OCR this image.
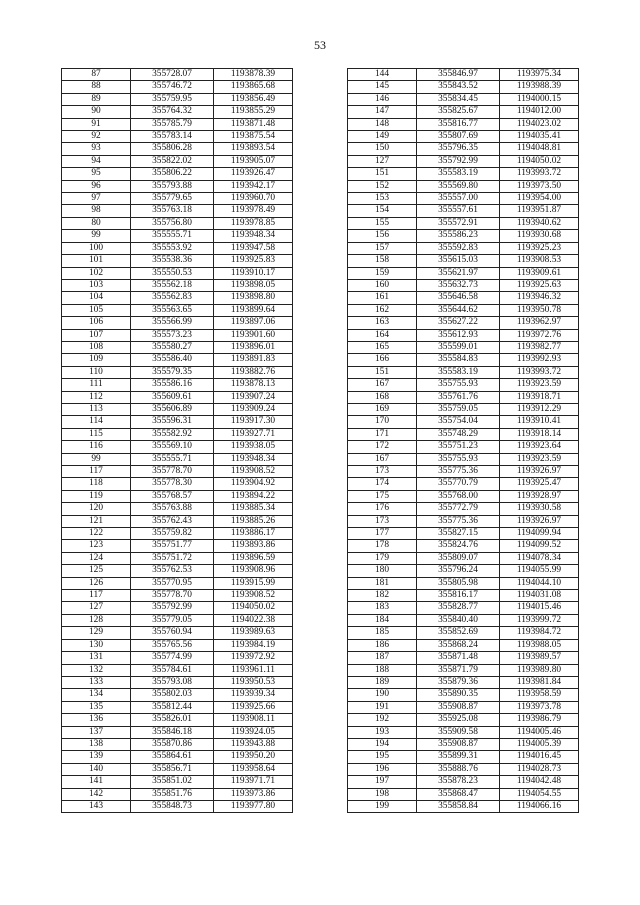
53
87	355728.07	1193878.39
88	355746.72	1193865.68
89	355759.95	1193856.49
90	355764.32	1193855.29
91	355785.79	1193871.48
92	355783.14	1193875.54
93	355806.28	1193893.54
94	355822.02	1193905.07
95	355806.22	1193926.47
96	355793.88	1193942.17
97	355779.65	1193960.70
98	355763.18	1193978.49
80	355756.80	1193978.85
99	355555.71	1193948.34
100	355553.92	1193947.58
101	355538.36	1193925.83
102	355550.53	1193910.17
103	355562.18	1193898.05
104	355562.83	1193898.80
105	355563.65	1193899.64
106	355566.99	1193897.06
107	355573.23	1193901.60
108	355580.27	1193896.01
109	355586.40	1193891.83
110	355579.35	1193882.76
111	355586.16	1193878.13
112	355609.61	1193907.24
113	355606.89	1193909.24
114	355596.31	1193917.30
115	355582.92	1193927.71
116	355569.10	1193938.05
99	355555.71	1193948.34
117	355778.70	1193908.52
118	355778.30	1193904.92
119	355768.57	1193894.22
120	355763.88	1193885.34
121	355762.43	1193885.26
122	355759.82	1193886.17
123	355751.77	1193893.86
124	355751.72	1193896.59
125	355762.53	1193908.96
126	355770.95	1193915.99
117	355778.70	1193908.52
127	355792.99	1194050.02
128	355779.05	1194022.38
129	355760.94	1193989.63
130	355765.56	1193984.19
131	355774.99	1193972.92
132	355784.61	1193961.11
133	355793.08	1193950.53
134	355802.03	1193939.34
135	355812.44	1193925.66
136	355826.01	1193908.11
137	355846.18	1193924.05
138	355870.86	1193943.88
139	355864.61	1193950.20
140	355856.71	1193958.64
141	355851.02	1193971.71
142	355851.76	1193973.86
143	355848.73	1193977.80
144	355846.97	1193975.34
145	355843.52	1193988.39
146	355834.45	1194000.15
147	355825.67	1194012.00
148	355816.77	1194023.02
149	355807.69	1194035.41
150	355796.35	1194048.81
127	355792.99	1194050.02
151	355583.19	1193993.72
152	355569.80	1193973.50
153	355557.00	1193954.00
154	355557.61	1193951.87
155	355572.91	1193940.62
156	355586.23	1193930.68
157	355592.83	1193925.23
158	355615.03	1193908.53
159	355621.97	1193909.61
160	355632.73	1193925.63
161	355646.58	1193946.32
162	355644.62	1193950.78
163	355627.22	1193962.97
164	355612.93	1193972.76
165	355599.01	1193982.77
166	355584.83	1193992.93
151	355583.19	1193993.72
167	355755.93	1193923.59
168	355761.76	1193918.71
169	355759.05	1193912.29
170	355754.04	1193910.41
171	355748.29	1193918.14
172	355751.23	1193923.64
167	355755.93	1193923.59
173	355775.36	1193926.97
174	355770.79	1193925.47
175	355768.00	1193928.97
176	355772.79	1193930.58
173	355775.36	1193926.97
177	355827.15	1194099.94
178	355824.76	1194099.52
179	355809.07	1194078.34
180	355796.24	1194055.99
181	355805.98	1194044.10
182	355816.17	1194031.08
183	355828.77	1194015.46
184	355840.40	1193999.72
185	355852.69	1193984.72
186	355868.24	1193988.05
187	355871.48	1193989.57
188	355871.79	1193989.80
189	355879.36	1193981.84
190	355890.35	1193958.59
191	355908.87	1193973.78
192	355925.08	1193986.79
193	355909.58	1194005.46
194	355908.87	1194005.39
195	355899.31	1194016.45
196	355888.76	1194028.73
197	355878.23	1194042.48
198	355868.47	1194054.55
199	355858.84	1194066.16
